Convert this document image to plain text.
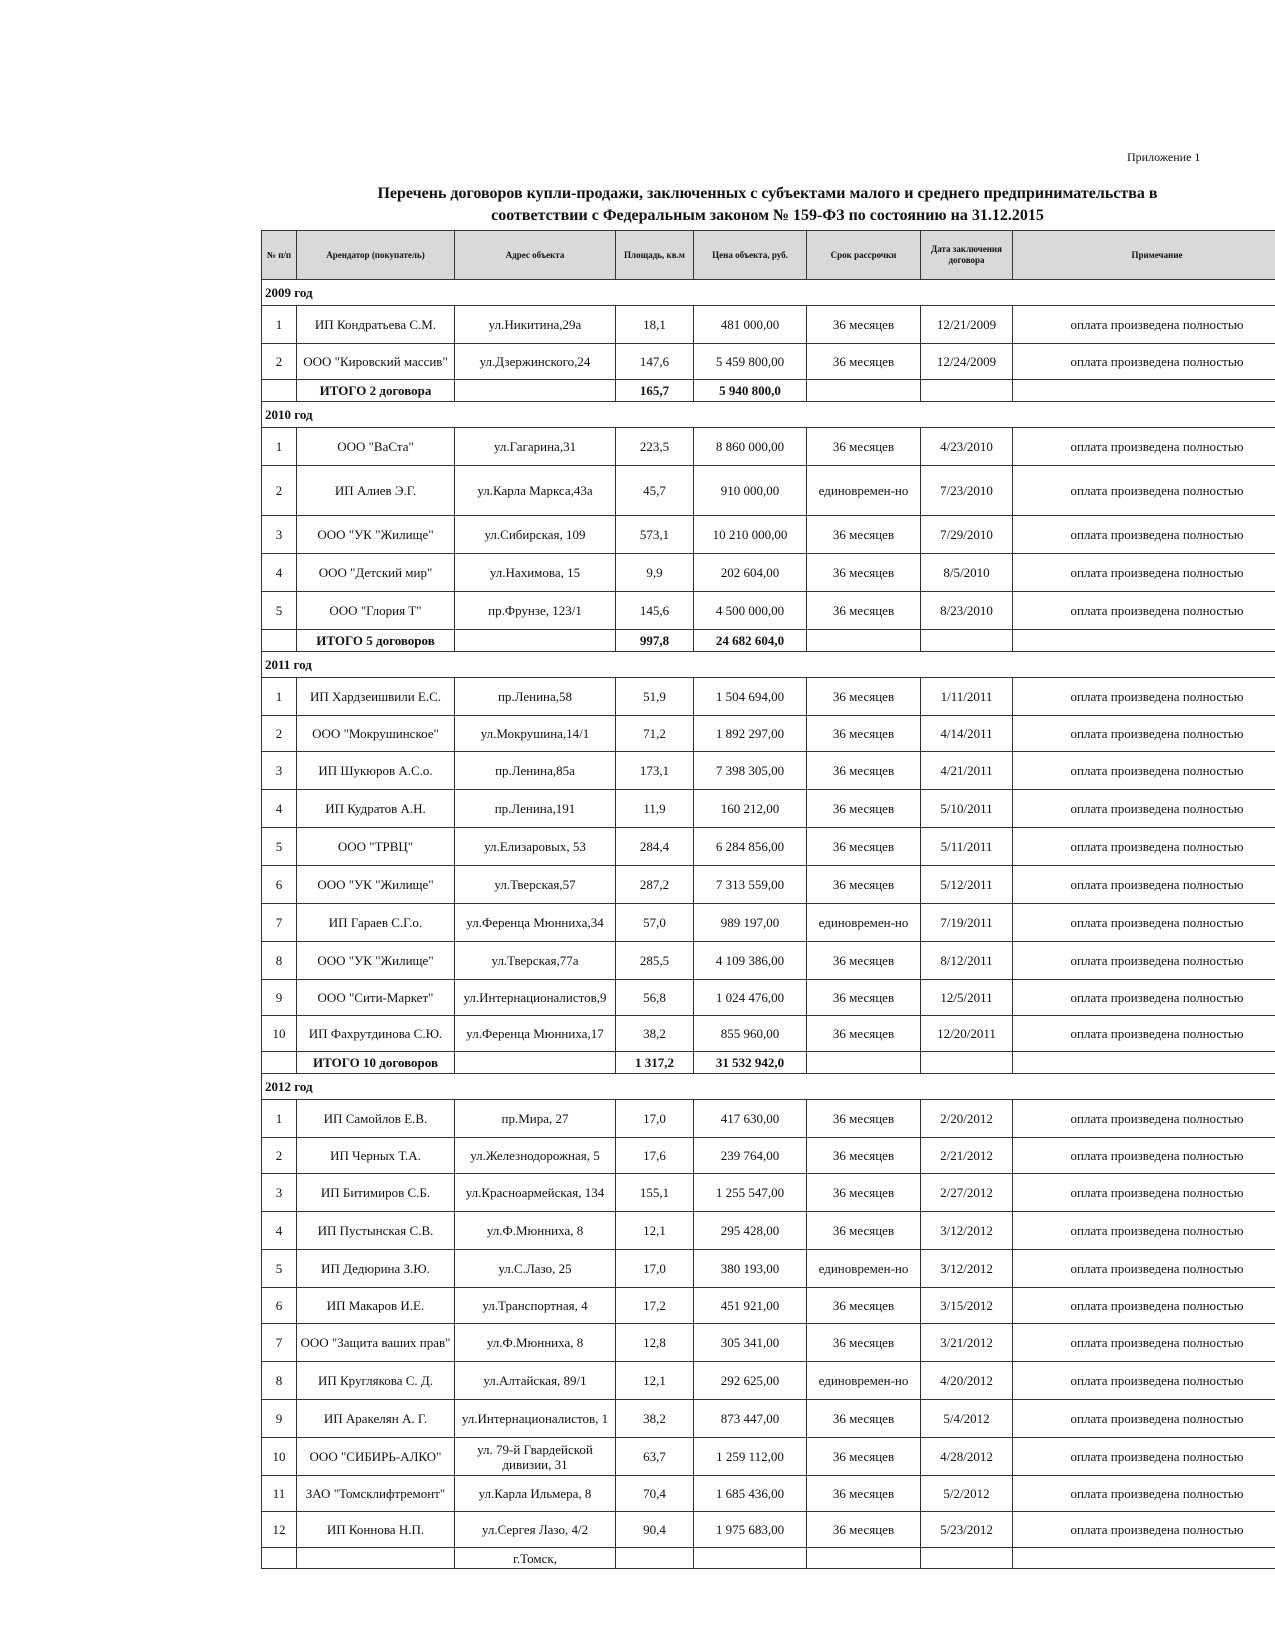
Приложение 1
Перечень договоров купли-продажи, заключенных с субъектами малого и среднего предпринимательства в
соответствии с Федеральным законом № 159-ФЗ по состоянию на 31.12.2015
№ п/п	Арендатор (покупатель)	Адрес объекта	Площадь, кв.м	Цена объекта, руб.	Срок рассрочки	Дата заключения договора	Примечание
2009 год							
1	ИП Кондратьева С.М.	ул.Никитина,29а	18,1	481 000,00	36 месяцев	12/21/2009	оплата произведена полностью
2	ООО "Кировский массив"	ул.Дзержинского,24	147,6	5 459 800,00	36 месяцев	12/24/2009	оплата произведена полностью
	ИТОГО 2 договора		165,7	5 940 800,0			
2010 год							
1	ООО "ВаСта"	ул.Гагарина,31	223,5	8 860 000,00	36 месяцев	4/23/2010	оплата произведена полностью
2	ИП Алиев Э.Г.	ул.Карла Маркса,43а	45,7	910 000,00	единовремен-но	7/23/2010	оплата произведена полностью
3	ООО "УК "Жилище"	ул.Сибирская, 109	573,1	10 210 000,00	36 месяцев	7/29/2010	оплата произведена полностью
4	ООО "Детский мир"	ул.Нахимова, 15	9,9	202 604,00	36 месяцев	8/5/2010	оплата произведена полностью
5	ООО "Глория Т"	пр.Фрунзе, 123/1	145,6	4 500 000,00	36 месяцев	8/23/2010	оплата произведена полностью
	ИТОГО 5 договоров		997,8	24 682 604,0			
2011 год							
1	ИП Хардзеишвили Е.С.	пр.Ленина,58	51,9	1 504 694,00	36 месяцев	1/11/2011	оплата произведена полностью
2	ООО "Мокрушинское"	ул.Мокрушина,14/1	71,2	1 892 297,00	36 месяцев	4/14/2011	оплата произведена полностью
3	ИП Шукюров А.С.о.	пр.Ленина,85а	173,1	7 398 305,00	36 месяцев	4/21/2011	оплата произведена полностью
4	ИП Кудратов А.Н.	пр.Ленина,191	11,9	160 212,00	36 месяцев	5/10/2011	оплата произведена полностью
5	ООО "ТРВЦ"	ул.Елизаровых, 53	284,4	6 284 856,00	36 месяцев	5/11/2011	оплата произведена полностью
6	ООО "УК "Жилище"	ул.Тверская,57	287,2	7 313 559,00	36 месяцев	5/12/2011	оплата произведена полностью
7	ИП Гараев С.Г.о.	ул.Ференца Мюнниха,34	57,0	989 197,00	единовремен-но	7/19/2011	оплата произведена полностью
8	ООО "УК "Жилище"	ул.Тверская,77а	285,5	4 109 386,00	36 месяцев	8/12/2011	оплата произведена полностью
9	ООО "Сити-Маркет"	ул.Интернационалистов,9	56,8	1 024 476,00	36 месяцев	12/5/2011	оплата произведена полностью
10	ИП Фахрутдинова С.Ю.	ул.Ференца Мюнниха,17	38,2	855 960,00	36 месяцев	12/20/2011	оплата произведена полностью
	ИТОГО 10 договоров		1 317,2	31 532 942,0			
2012 год							
1	ИП Самойлов Е.В.	пр.Мира, 27	17,0	417 630,00	36 месяцев	2/20/2012	оплата произведена полностью
2	ИП Черных Т.А.	ул.Железнодорожная, 5	17,6	239 764,00	36 месяцев	2/21/2012	оплата произведена полностью
3	ИП Битимиров С.Б.	ул.Красноармейская, 134	155,1	1 255 547,00	36 месяцев	2/27/2012	оплата произведена полностью
4	ИП Пустынская С.В.	ул.Ф.Мюнниха, 8	12,1	295 428,00	36 месяцев	3/12/2012	оплата произведена полностью
5	ИП Дедюрина З.Ю.	ул.С.Лазо, 25	17,0	380 193,00	единовремен-но	3/12/2012	оплата произведена полностью
6	ИП Макаров И.Е.	ул.Транспортная, 4	17,2	451 921,00	36 месяцев	3/15/2012	оплата произведена полностью
7	ООО "Защита ваших прав"	ул.Ф.Мюнниха, 8	12,8	305 341,00	36 месяцев	3/21/2012	оплата произведена полностью
8	ИП Круглякова С. Д.	ул.Алтайская, 89/1	12,1	292 625,00	единовремен-но	4/20/2012	оплата произведена полностью
9	ИП Аракелян А. Г.	ул.Интернационалистов, 1	38,2	873 447,00	36 месяцев	5/4/2012	оплата произведена полностью
10	ООО "СИБИРЬ-АЛКО"	ул. 79-й Гвардейской дивизии, 31	63,7	1 259 112,00	36 месяцев	4/28/2012	оплата произведена полностью
11	ЗАО "Томсклифтремонт"	ул.Карла Ильмера, 8	70,4	1 685 436,00	36 месяцев	5/2/2012	оплата произведена полностью
12	ИП Коннова Н.П.	ул.Сергея Лазо, 4/2	90,4	1 975 683,00	36 месяцев	5/23/2012	оплата произведена полностью
		г.Томск,					
